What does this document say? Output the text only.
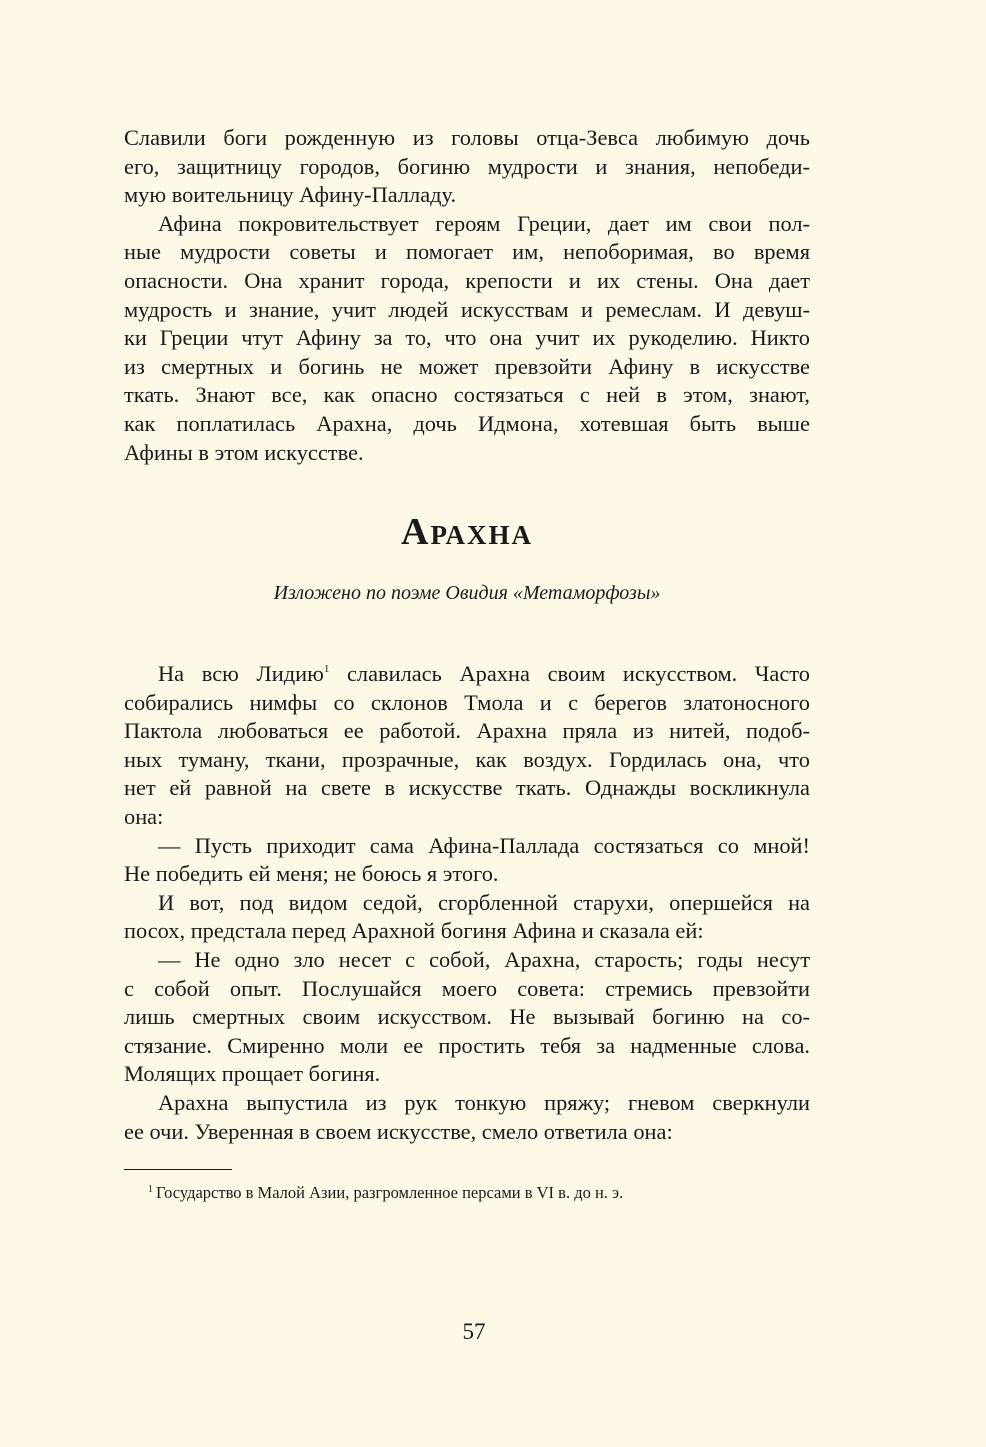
Славили боги рожденную из головы отца-Зевса любимую дочь
его, защитницу городов, богиню мудрости и знания, непобеди-
мую воительницу Афину-Палладу.

Афина покровительствует героям Греции, дает им свои пол-
ные мудрости советы и помогает им, непоборимая, во время
опасности. Она хранит города, крепости и их стены. Она дает
мудрость и знание, учит людей искусствам и ремеслам. И девуш-
ки Греции чтут Афину за то, что она учит их рукоделию. Никто
из смертных и богинь не может превзойти Афину в искусстве
ткать. Знают все, как опасно состязаться с ней в этом, знают,
как поплатилась Арахна, дочь Идмона, хотевшая быть выше
Афины в этом искусстве.

Арахна

Изложено по поэме Овидия «Метаморфозы»

На всю Лидию$^1$ славилась Арахна своим искусством. Часто
собирались нимфы со склонов Тмола и с берегов златоносного
Пактола любоваться ее работой. Арахна пряла из нитей, подоб-
ных туману, ткани, прозрачные, как воздух. Гордилась она, что
нет ей равной на свете в искусстве ткать. Однажды воскликнула
она:

— Пусть приходит сама Афина-Паллада состязаться со мной!
Не победить ей меня; не боюсь я этого.

И вот, под видом седой, сгорбленной старухи, опершейся на
посох, предстала перед Арахной богиня Афина и сказала ей:

— Не одно зло несет с собой, Арахна, старость; годы несут
с собой опыт. Послушайся моего совета: стремись превзойти
лишь смертных своим искусством. Не вызывай богиню на со-
стязание. Смиренно моли ее простить тебя за надменные слова.
Молящих прощает богиня.

Арахна выпустила из рук тонкую пряжу; гневом сверкнули
ее очи. Уверенная в своем искусстве, смело ответила она:

$^1$ Государство в Малой Азии, разгромленное персами в VI в. до н. э.
57
